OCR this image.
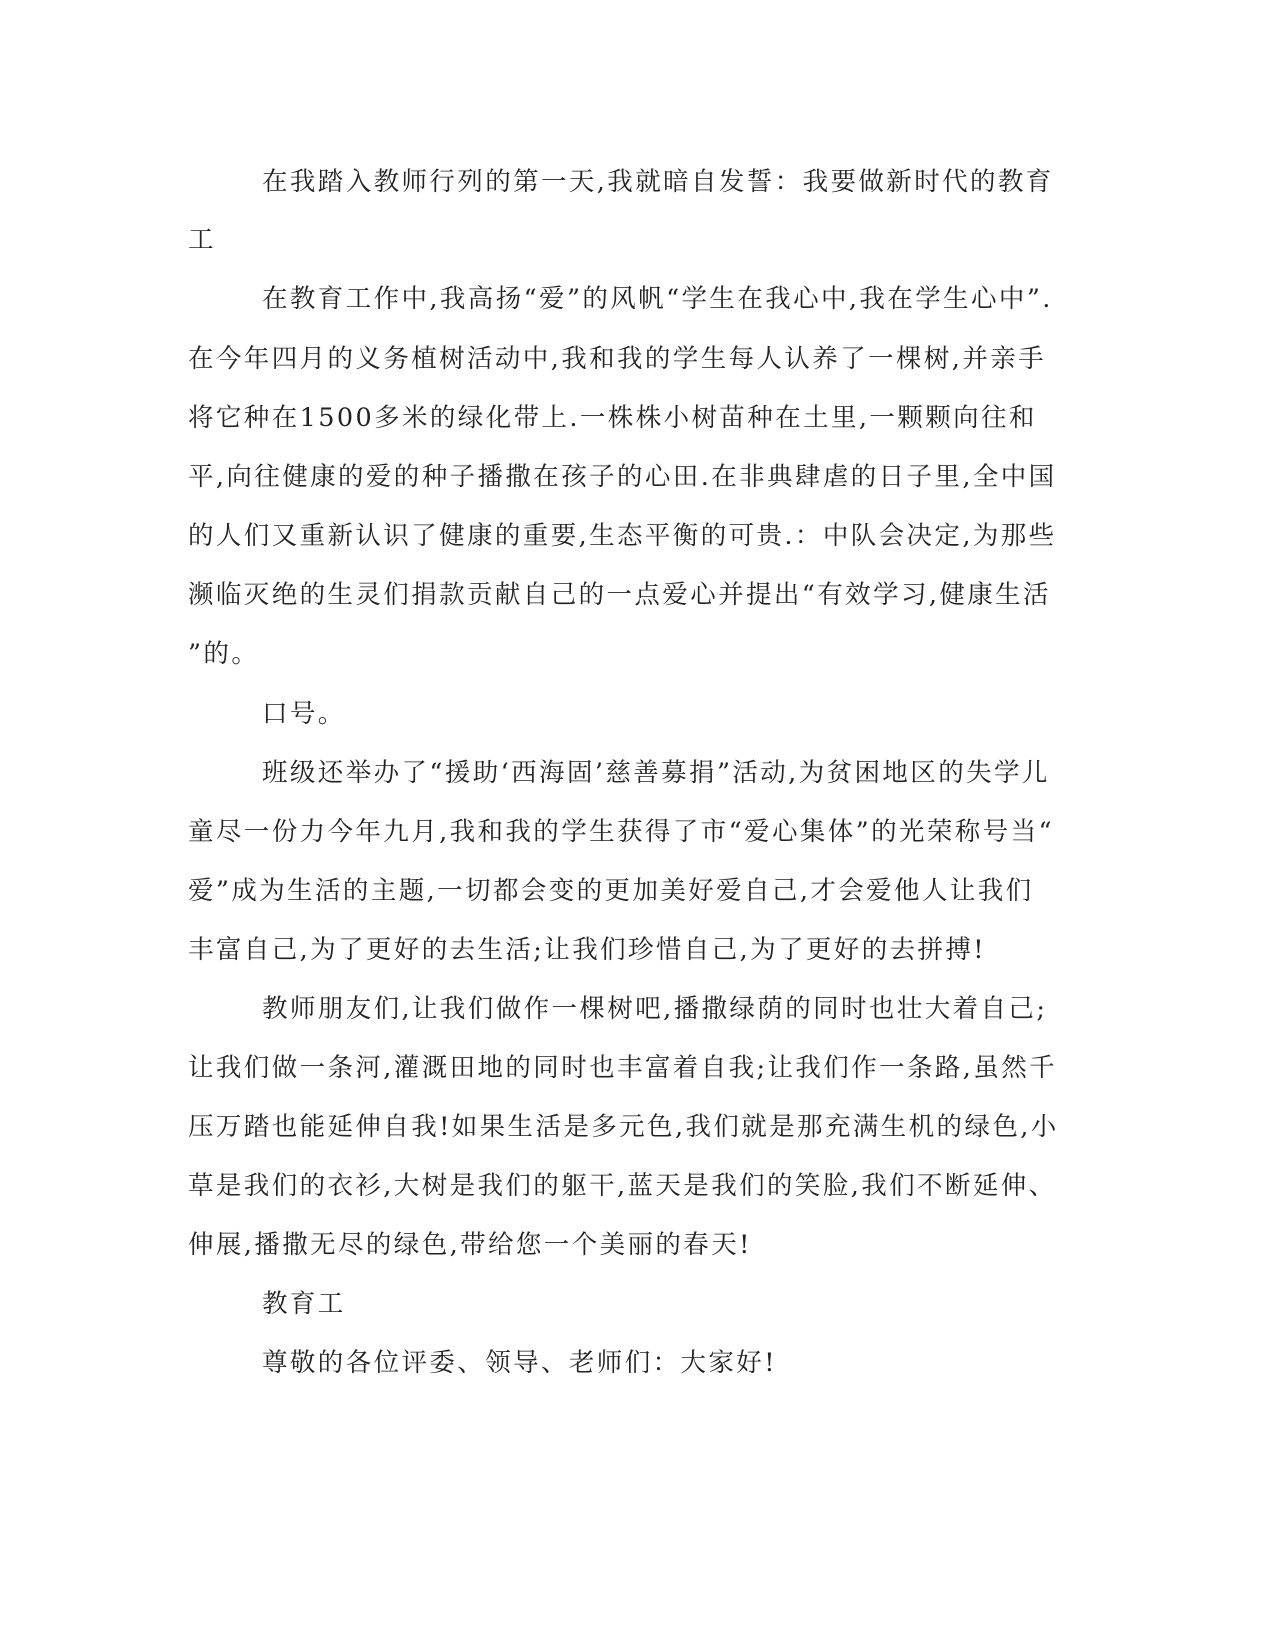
在我踏入教师行列的第一天,我就暗自发誓：我要做新时代的教育
工
在教育工作中,我高扬“爱”的风帆“学生在我心中,我在学生心中”.
在今年四月的义务植树活动中,我和我的学生每人认养了一棵树,并亲手
将它种在1500多米的绿化带上.一株株小树苗种在土里,一颗颗向往和
平,向往健康的爱的种子播撒在孩子的心田.在非典肆虐的日子里,全中国
的人们又重新认识了健康的重要,生态平衡的可贵.：中队会决定,为那些
濒临灭绝的生灵们捐款贡献自己的一点爱心并提出“有效学习,健康生活
”的。
口号。
班级还举办了“援助‘西海固’慈善募捐”活动,为贫困地区的失学儿
童尽一份力今年九月,我和我的学生获得了市“爱心集体”的光荣称号当“
爱”成为生活的主题,一切都会变的更加美好爱自己,才会爱他人让我们
丰富自己,为了更好的去生活;让我们珍惜自己,为了更好的去拼搏!
教师朋友们,让我们做作一棵树吧,播撒绿荫的同时也壮大着自己;
让我们做一条河,灌溉田地的同时也丰富着自我;让我们作一条路,虽然千
压万踏也能延伸自我!如果生活是多元色,我们就是那充满生机的绿色,小
草是我们的衣衫,大树是我们的躯干,蓝天是我们的笑脸,我们不断延伸、
伸展,播撒无尽的绿色,带给您一个美丽的春天!
教育工
尊敬的各位评委、领导、老师们：大家好!
